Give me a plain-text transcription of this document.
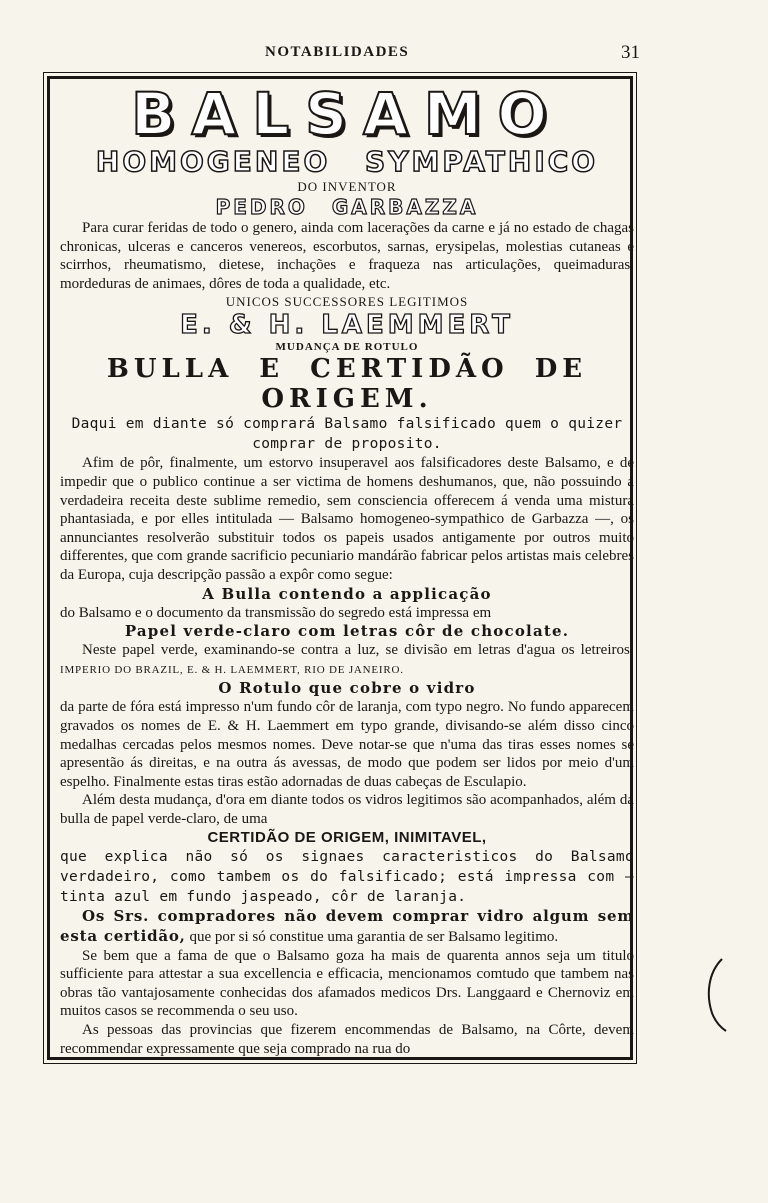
NOTABILIDADES	31
BALSAMO
HOMOGENEO SYMPATHICO
DO INVENTOR
PEDRO GARBAZZA

Para curar feridas de todo o genero, ainda com lacerações da carne e já no estado de chagas chronicas, ulceras e canceros venereos, escorbutos, sarnas, erysipelas, molestias cutaneas e scirrhos, rheumatismo, dietese, inchações e fraqueza nas articulações, queimaduras, mordeduras de animaes, dôres de toda a qualidade, etc.

UNICOS SUCCESSORES LEGITIMOS
E. & H. LAEMMERT
MUDANÇA DE ROTULO
BULLA E CERTIDÃO DE ORIGEM.
Daqui em diante só comprará Balsamo falsificado quem o quizer comprar de proposito.

Afim de pôr, finalmente, um estorvo insuperavel aos falsificadores deste Balsamo, e de impedir que o publico continue a ser victima de homens deshumanos, que, não possuindo a verdadeira receita deste sublime remedio, sem consciencia offerecem á venda uma mistura phantasiada, e por elles intitulada — Balsamo homogeneo-sympathico de Garbazza —, os annunciantes resolverão substituir todos os papeis usados antigamente por outros muito differentes, que com grande sacrificio pecuniario mandárão fabricar pelos artistas mais celebres da Europa, cuja descripção passão a expôr como segue:

A Bulla contendo a applicação

do Balsamo e o documento da transmissão do segredo está impressa em

Papel verde-claro com letras côr de chocolate.

Neste papel verde, examinando-se contra a luz, se divisão em letras d'agua os letreiros: IMPERIO DO BRAZIL, E. & H. LAEMMERT, RIO DE JANEIRO.

O Rotulo que cobre o vidro

da parte de fóra está impresso n'um fundo côr de laranja, com typo negro. No fundo apparecem gravados os nomes de E. & H. Laemmert em typo grande, divisando-se além disso cinco medalhas cercadas pelos mesmos nomes. Deve notar-se que n'uma das tiras esses nomes se apresentão ás direitas, e na outra ás avessas, de modo que podem ser lidos por meio d'um espelho. Finalmente estas tiras estão adornadas de duas cabeças de Esculapio.

Além desta mudança, d'ora em diante todos os vidros legitimos são acompanhados, além da bulla de papel verde-claro, de uma

CERTIDÃO DE ORIGEM, INIMITAVEL,
que explica não só os signaes caracteristicos do Balsamo verdadeiro, como tambem os do falsificado; está impressa com — tinta azul em fundo jaspeado, côr de laranja.

Os Srs. compradores não devem comprar vidro algum sem esta certidão, que por si só constitue uma garantia de ser Balsamo legitimo.

Se bem que a fama de que o Balsamo goza ha mais de quarenta annos seja um titulo sufficiente para attestar a sua excellencia e efficacia, mencionamos comtudo que tambem nas obras tão vantajosamente conhecidas dos afamados medicos Drs. Langgaard e Chernoviz em muitos casos se recommenda o seu uso.

As pessoas das provincias que fizerem encommendas de Balsamo, na Côrte, devem recommendar expressamente que seja comprado na rua do
